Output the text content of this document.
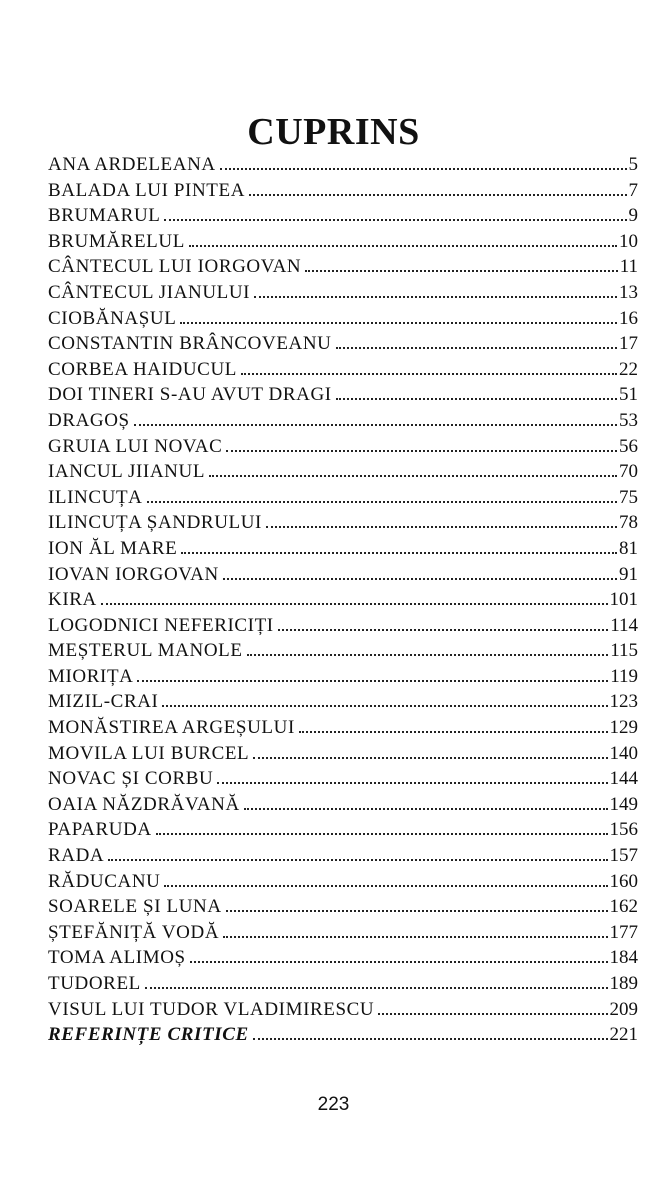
CUPRINS
ANA ARDELEANA	5
BALADA LUI PINTEA	7
BRUMARUL	9
BRUMĂRELUL	10
CÂNTECUL LUI IORGOVAN	11
CÂNTECUL JIANULUI	13
CIOBĂNAȘUL	16
CONSTANTIN BRÂNCOVEANU	17
CORBEA HAIDUCUL	22
DOI TINERI S-AU AVUT DRAGI	51
DRAGOȘ	53
GRUIA LUI NOVAC	56
IANCUL JIIANUL	70
ILINCUȚA	75
ILINCUȚA ȘANDRULUI	78
ION ĂL MARE	81
IOVAN IORGOVAN	91
KIRA	101
LOGODNICI NEFERICIȚI	114
MEȘTERUL MANOLE	115
MIORIȚA	119
MIZIL-CRAI	123
MONĂSTIREA ARGEȘULUI	129
MOVILA LUI BURCEL	140
NOVAC ȘI CORBU	144
OAIA NĂZDRĂVANĂ	149
PAPARUDA	156
RADA	157
RĂDUCANU	160
SOARELE ȘI LUNA	162
ȘTEFĂNIȚĂ VODĂ	177
TOMA ALIMOȘ	184
TUDOREL	189
VISUL LUI TUDOR VLADIMIRESCU	209
REFERINȚE CRITICE	221
223
